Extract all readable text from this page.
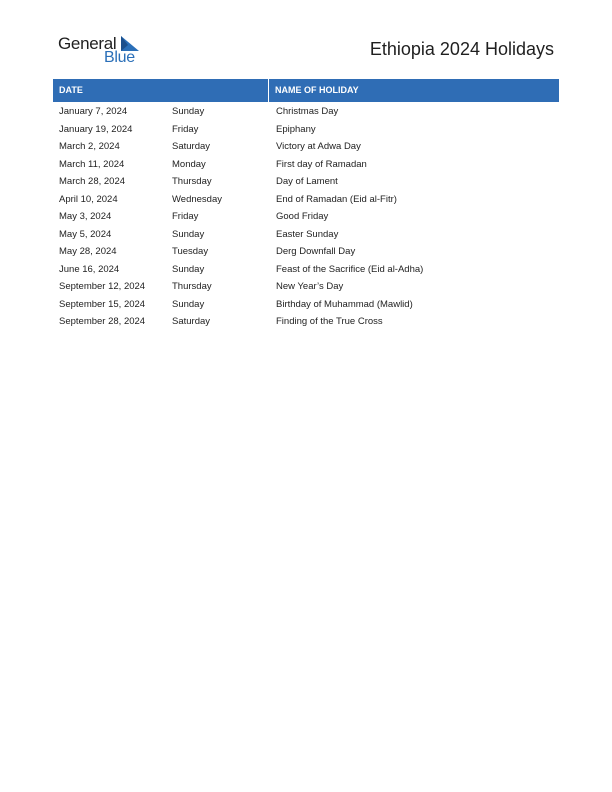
General
Blue	Ethiopia 2024 Holidays
DATE	NAME OF HOLIDAY
January 7, 2024	Sunday	Christmas Day
January 19, 2024	Friday	Epiphany
March 2, 2024	Saturday	Victory at Adwa Day
March 11, 2024	Monday	First day of Ramadan
March 28, 2024	Thursday	Day of Lament
April 10, 2024	Wednesday	End of Ramadan (Eid al-Fitr)
May 3, 2024	Friday	Good Friday
May 5, 2024	Sunday	Easter Sunday
May 28, 2024	Tuesday	Derg Downfall Day
June 16, 2024	Sunday	Feast of the Sacrifice (Eid al-Adha)
September 12, 2024	Thursday	New Year’s Day
September 15, 2024	Sunday	Birthday of Muhammad (Mawlid)
September 28, 2024	Saturday	Finding of the True Cross
